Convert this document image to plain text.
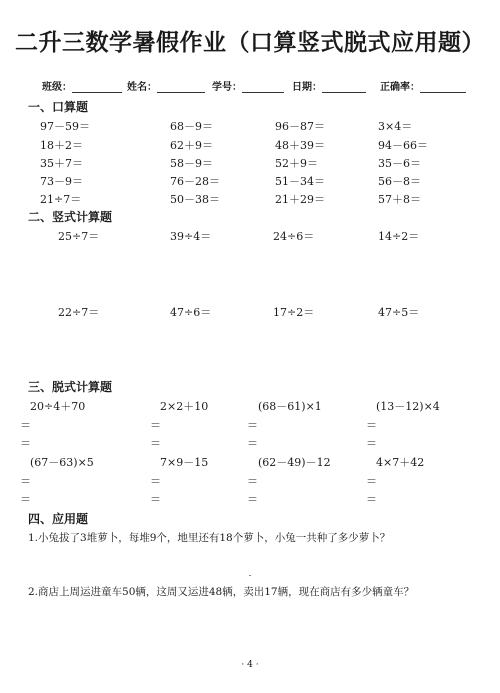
二升三数学暑假作业（口算竖式脱式应用题）
班级：	姓名：	学号：	日期：	正确率：
一、口算题
97－59＝	68－9＝	96－87＝	3×4＝
18＋2＝	62＋9＝	48＋39＝	94－66＝
35＋7＝	58－9＝	52＋9＝	35－6＝
73－9＝	76－28＝	51－34＝	56－8＝
21÷7＝	50－38＝	21＋29＝	57＋8＝
二、竖式计算题
25÷7＝	39÷4＝	24÷6＝	14÷2＝
22÷7＝	47÷6＝	17÷2＝	47÷5＝
三、脱式计算题
20÷4＋70	2×2＋10	(68－61)×1	(13－12)×4
＝	＝	＝	＝
＝	＝	＝	＝
(67－63)×5	7×9－15	(62－49)－12	4×7＋42
＝	＝	＝	＝
＝	＝	＝	＝
四、应用题
1.小兔拔了3堆萝卜，每堆9个，地里还有18个萝卜，小兔一共种了多少萝卜？
2.商店上周运进童车50辆，这周又运进48辆，卖出17辆，现在商店有多少辆童车？
· 4 ·
